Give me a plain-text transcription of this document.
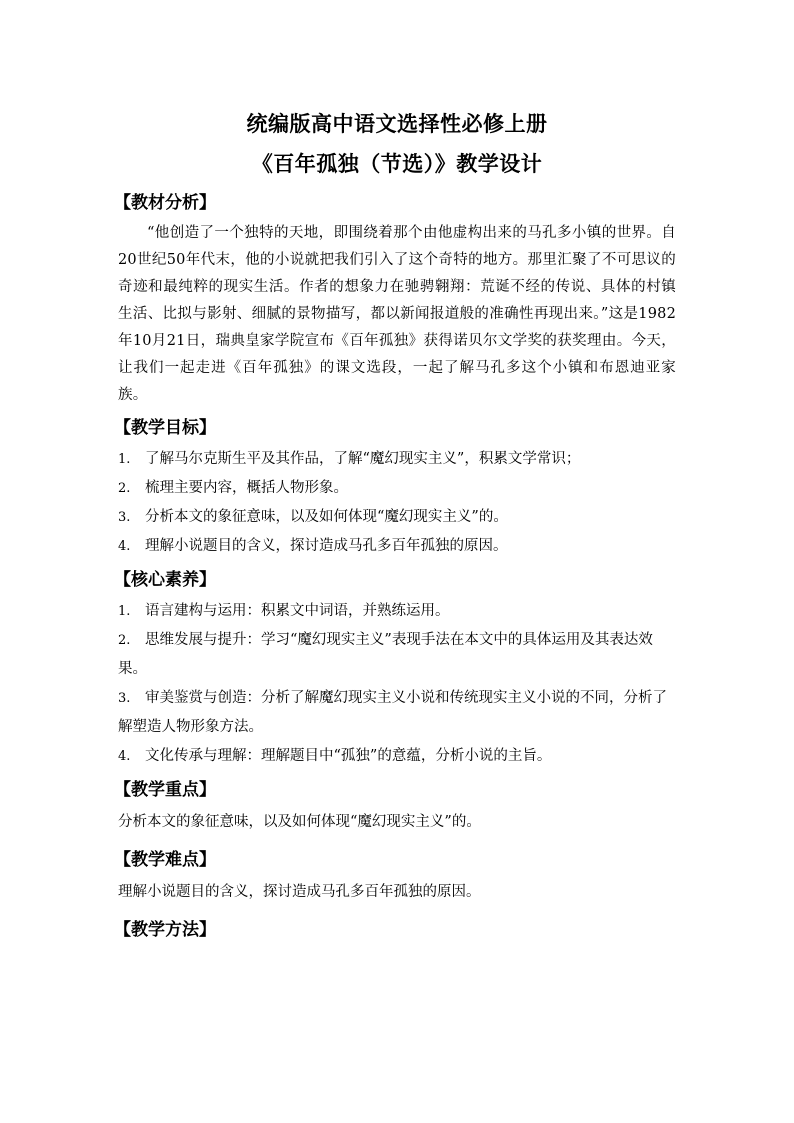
统编版高中语文选择性必修上册
《百年孤独（节选）》教学设计
【教材分析】

“他创造了一个独特的天地，即围绕着那个由他虚构出来的马孔多小镇的世界。自20世纪50年代末，他的小说就把我们引入了这个奇特的地方。那里汇聚了不可思议的奇迹和最纯粹的现实生活。作者的想象力在驰骋翱翔：荒诞不经的传说、具体的村镇生活、比拟与影射、细腻的景物描写，都以新闻报道般的准确性再现出来。”这是1982年10月21日，瑞典皇家学院宣布《百年孤独》获得诺贝尔文学奖的获奖理由。今天，让我们一起走进《百年孤独》的课文选段，一起了解马孔多这个小镇和布恩迪亚家族。

【教学目标】
1. 了解马尔克斯生平及其作品，了解“魔幻现实主义”，积累文学常识；
2. 梳理主要内容，概括人物形象。
3. 分析本文的象征意味，以及如何体现“魔幻现实主义”的。
4. 理解小说题目的含义，探讨造成马孔多百年孤独的原因。
【核心素养】
1. 语言建构与运用：积累文中词语，并熟练运用。
2. 思维发展与提升：学习“魔幻现实主义”表现手法在本文中的具体运用及其表达效果。
3. 审美鉴赏与创造：分析了解魔幻现实主义小说和传统现实主义小说的不同，分析了解塑造人物形象方法。
4. 文化传承与理解：理解题目中“孤独”的意蕴，分析小说的主旨。
【教学重点】

分析本文的象征意味，以及如何体现“魔幻现实主义”的。

【教学难点】

理解小说题目的含义，探讨造成马孔多百年孤独的原因。

【教学方法】
